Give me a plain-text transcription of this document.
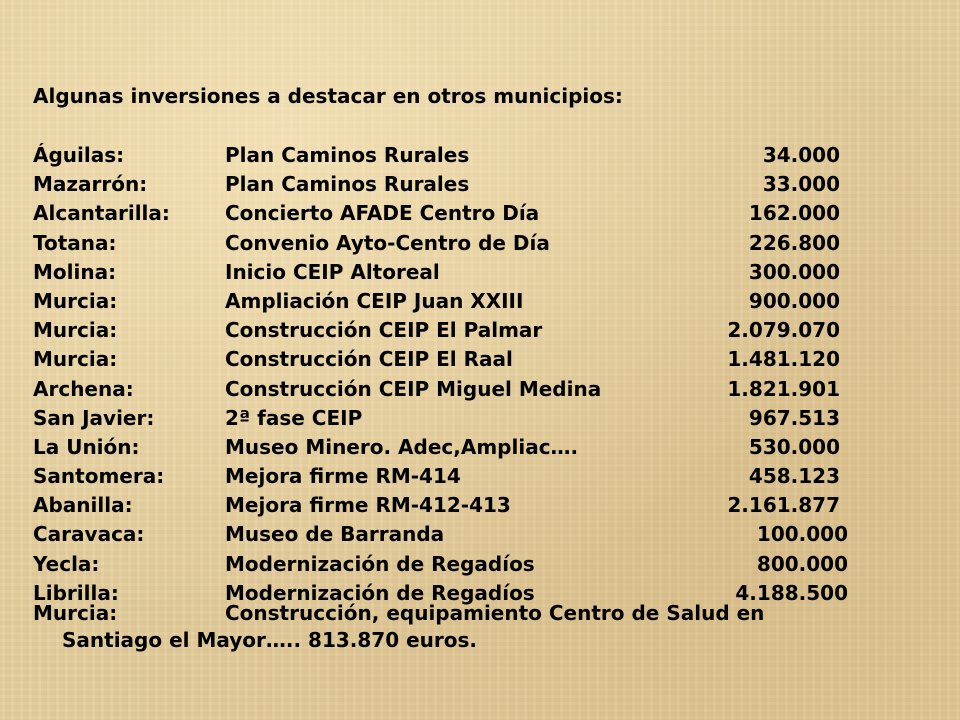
Algunas inversiones a destacar en otros municipios:
Águilas:	Plan Caminos Rurales	34.000
Mazarrón:	Plan Caminos Rurales	33.000
Alcantarilla:	Concierto AFADE Centro Día	162.000
Totana:	Convenio Ayto-Centro de Día	226.800
Molina:	Inicio CEIP Altoreal	300.000
Murcia:	Ampliación CEIP Juan XXIII	900.000
Murcia:	Construcción CEIP El Palmar	2.079.070
Murcia:	Construcción CEIP El Raal	1.481.120
Archena:	Construcción CEIP Miguel Medina	1.821.901
San Javier:	2ª fase CEIP	967.513
La Unión:	Museo Minero. Adec,Ampliac….	530.000
Santomera:	Mejora firme RM-414	458.123
Abanilla:	Mejora firme RM-412-413	2.161.877
Caravaca:	Museo de Barranda	100.000
Yecla:	Modernización de Regadíos	800.000
Librilla:	Modernización de Regadíos	4.188.500
Murcia:	Construcción, equipamiento Centro de Salud en
Santiago el Mayor….. 813.870 euros.
